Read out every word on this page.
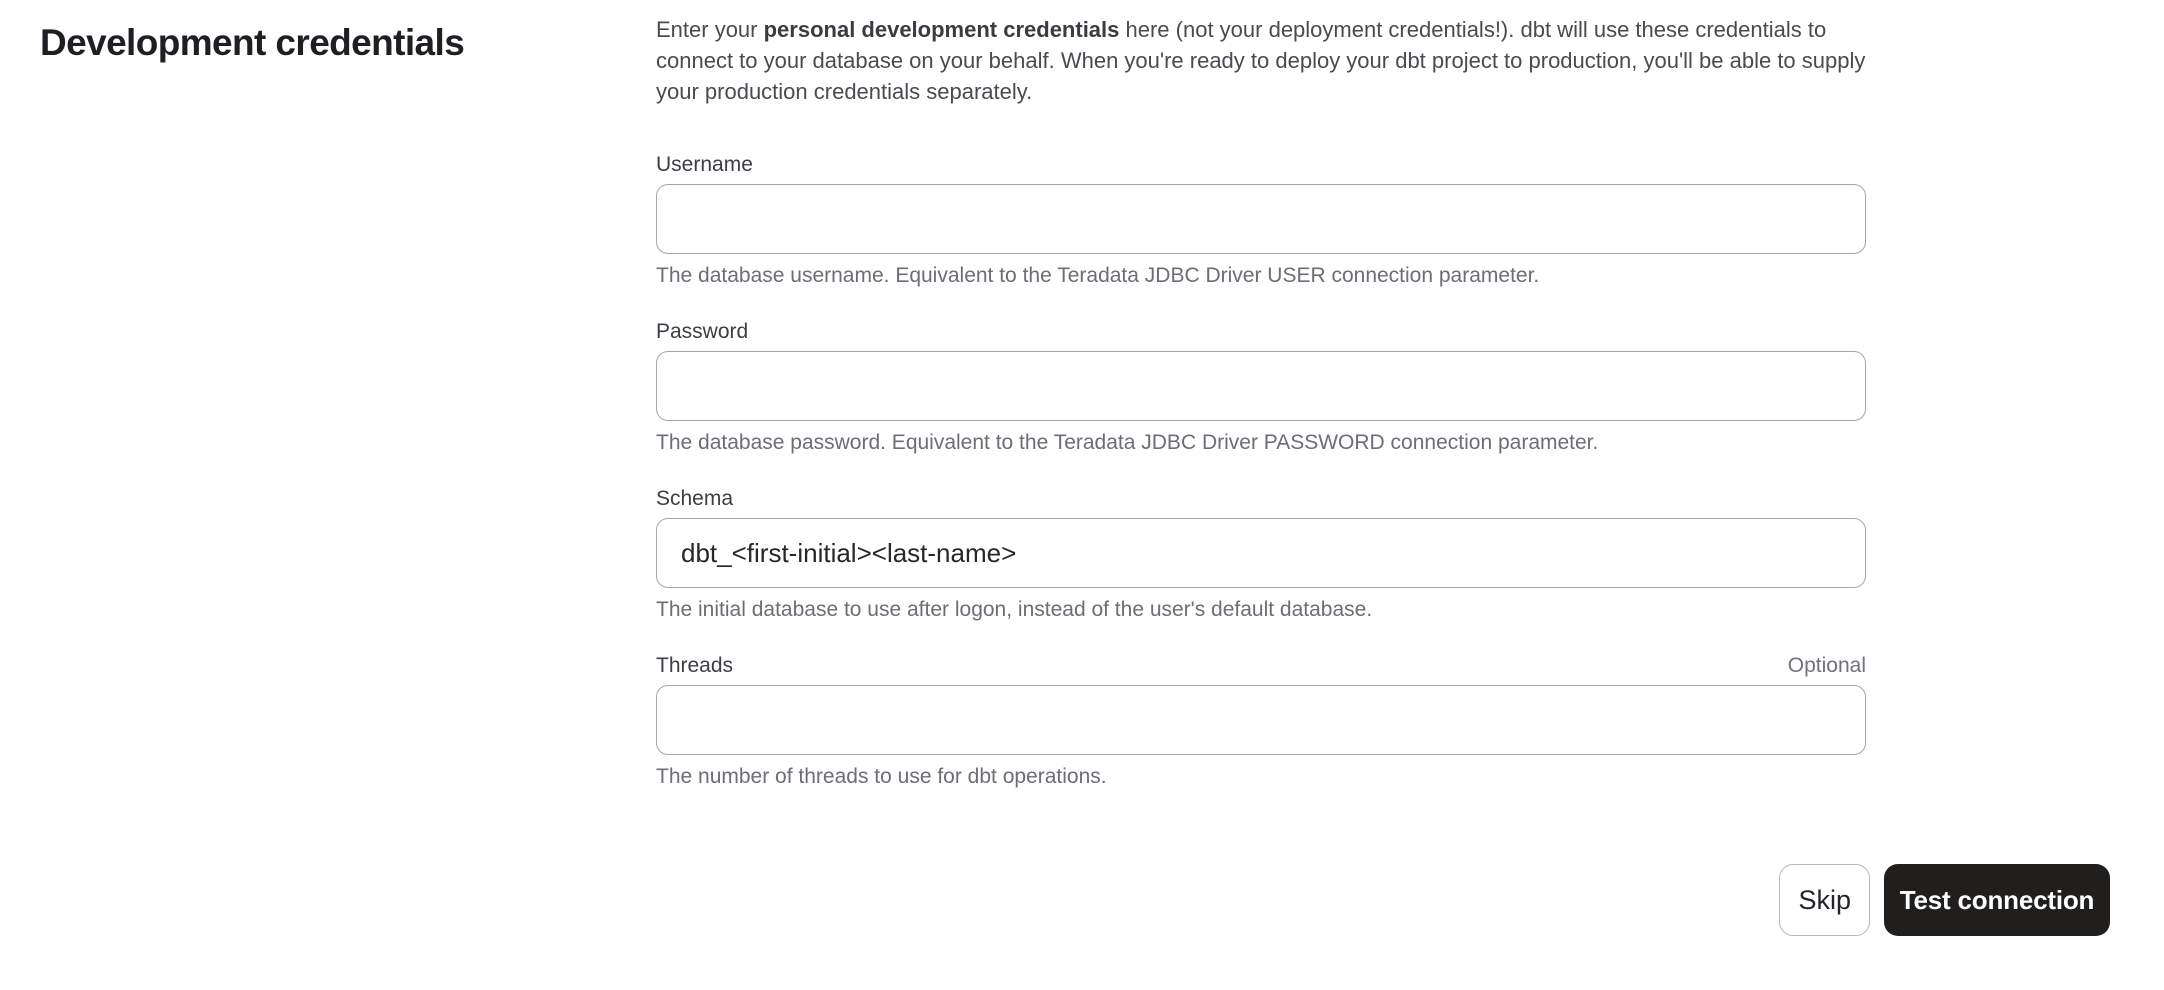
Development credentials	Enter your personal development credentials here (not your deployment credentials!). dbt will use these credentials to connect to your database on your behalf. When you're ready to deploy your dbt project to production, you'll be able to supply your production credentials separately.

Username

The database username. Equivalent to the Teradata JDBC Driver USER connection parameter.

Password

The database password. Equivalent to the Teradata JDBC Driver PASSWORD connection parameter.

Schema
dbt_<first-initial><last-name>

The initial database to use after logon, instead of the user's default database.

Threads	Optional

The number of threads to use for dbt operations.

Skip	Test connection
